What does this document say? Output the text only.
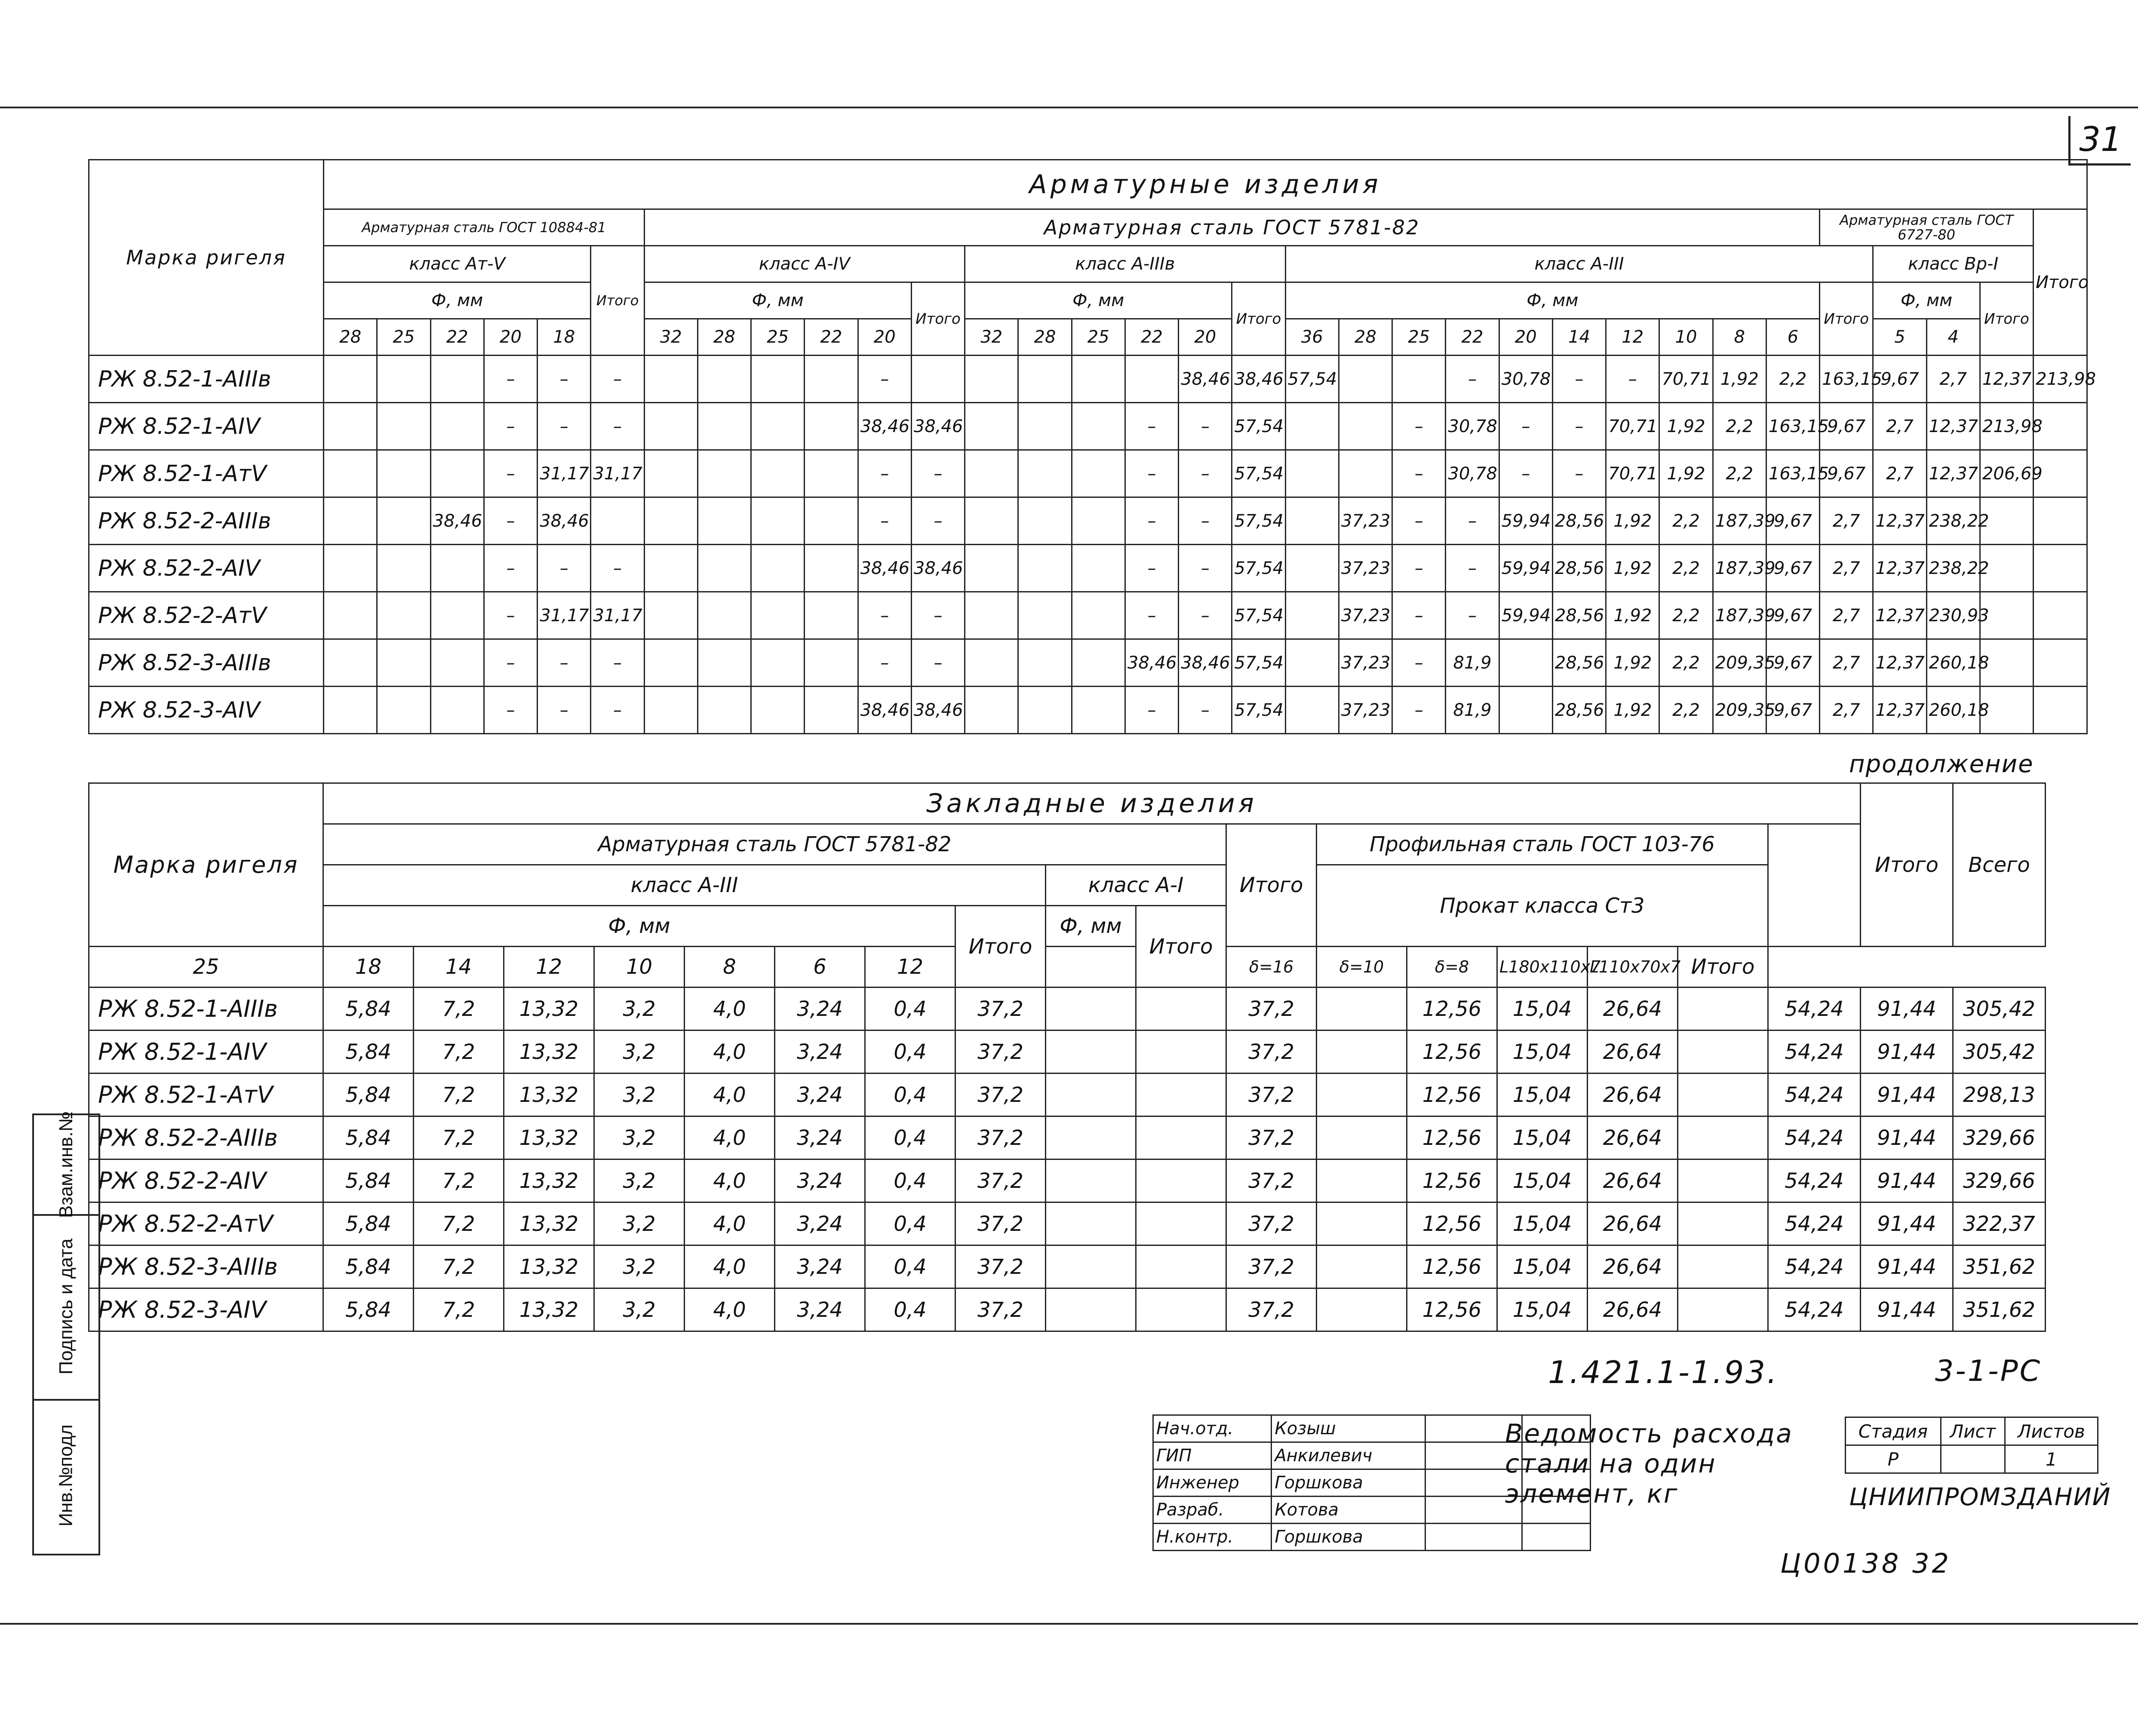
31
Марка ригеля	Арматурные изделия																																
	Арматурная сталь ГОСТ 10884-81						Арматурная сталь ГОСТ 5781-82																						Арматурная сталь ГОСТ 6727-80				Итого
	класс Ат-V					Итого	класс А-IV						класс А-IIIв						класс А-III											класс Вр-I			
	Ф, мм						Ф, мм					Итого	Ф, мм					Итого	Ф, мм										Итого	Ф, мм		Итого	
	28	25	22	20	18		32	28	25	22	20		32	28	25	22	20		36	28	25	22	20	14	12	10	8	6		5	4		
РЖ 8.52-1-АIIIв				–	–	–					–						38,46	38,46	57,54			–	30,78	–	–	70,71	1,92	2,2	163,15	9,67	2,7	12,37	213,98
РЖ 8.52-1-АIV				–	–	–					38,46	38,46				–	–	57,54			–	30,78	–	–	70,71	1,92	2,2	163,15	9,67	2,7	12,37	213,98	
РЖ 8.52-1-АтV				–	31,17	31,17					–	–				–	–	57,54			–	30,78	–	–	70,71	1,92	2,2	163,15	9,67	2,7	12,37	206,69	
РЖ 8.52-2-АIIIв			38,46	–	38,46						–	–				–	–	57,54		37,23	–	–	59,94	28,56	1,92	2,2	187,39	9,67	2,7	12,37	238,22		
РЖ 8.52-2-АIV				–	–	–					38,46	38,46				–	–	57,54		37,23	–	–	59,94	28,56	1,92	2,2	187,39	9,67	2,7	12,37	238,22		
РЖ 8.52-2-АтV				–	31,17	31,17					–	–				–	–	57,54		37,23	–	–	59,94	28,56	1,92	2,2	187,39	9,67	2,7	12,37	230,93		
РЖ 8.52-3-АIIIв				–	–	–					–	–				38,46	38,46	57,54		37,23	–	81,9		28,56	1,92	2,2	209,35	9,67	2,7	12,37	260,18		
РЖ 8.52-3-АIV				–	–	–					38,46	38,46				–	–	57,54		37,23	–	81,9		28,56	1,92	2,2	209,35	9,67	2,7	12,37	260,18		
продолжение
Марка ригеля	Закладные изделия																	Итого	Всего
	Арматурная сталь ГОСТ 5781-82										Итого	Профильная сталь ГОСТ 103-76							
	класс А-III								класс А-I			Прокат класса Ст3							
	Ф, мм							Итого	Ф, мм	Итого									
25	18	14	12	10	8	6	12				δ=16	δ=10	δ=8	L180x110x7	L110x70x7	Итого			
РЖ 8.52-1-АIIIв	5,84	7,2	13,32	3,2	4,0	3,24	0,4	37,2			37,2		12,56	15,04	26,64		54,24	91,44	305,42
РЖ 8.52-1-АIV	5,84	7,2	13,32	3,2	4,0	3,24	0,4	37,2			37,2		12,56	15,04	26,64		54,24	91,44	305,42
РЖ 8.52-1-АтV	5,84	7,2	13,32	3,2	4,0	3,24	0,4	37,2			37,2		12,56	15,04	26,64		54,24	91,44	298,13
РЖ 8.52-2-АIIIв	5,84	7,2	13,32	3,2	4,0	3,24	0,4	37,2			37,2		12,56	15,04	26,64		54,24	91,44	329,66
РЖ 8.52-2-АIV	5,84	7,2	13,32	3,2	4,0	3,24	0,4	37,2			37,2		12,56	15,04	26,64		54,24	91,44	329,66
РЖ 8.52-2-АтV	5,84	7,2	13,32	3,2	4,0	3,24	0,4	37,2			37,2		12,56	15,04	26,64		54,24	91,44	322,37
РЖ 8.52-3-АIIIв	5,84	7,2	13,32	3,2	4,0	3,24	0,4	37,2			37,2		12,56	15,04	26,64		54,24	91,44	351,62
РЖ 8.52-3-АIV	5,84	7,2	13,32	3,2	4,0	3,24	0,4	37,2			37,2		12,56	15,04	26,64		54,24	91,44	351,62
Взам.инв.№
Подпись и дата
Инв.№подл
1.421.1-1.93.	3-1-РС
Нач.отд.	Козыш		
ГИП	Анкилевич		
Инженер	Горшкова		
Разраб.	Котова		
Н.контр.	Горшкова		
Ведомость расхода
стали на один
элемент, кг
Стадия	Лист	Листов
Р		1
ЦНИИПРОМЗДАНИЙ
Ц00138 32
